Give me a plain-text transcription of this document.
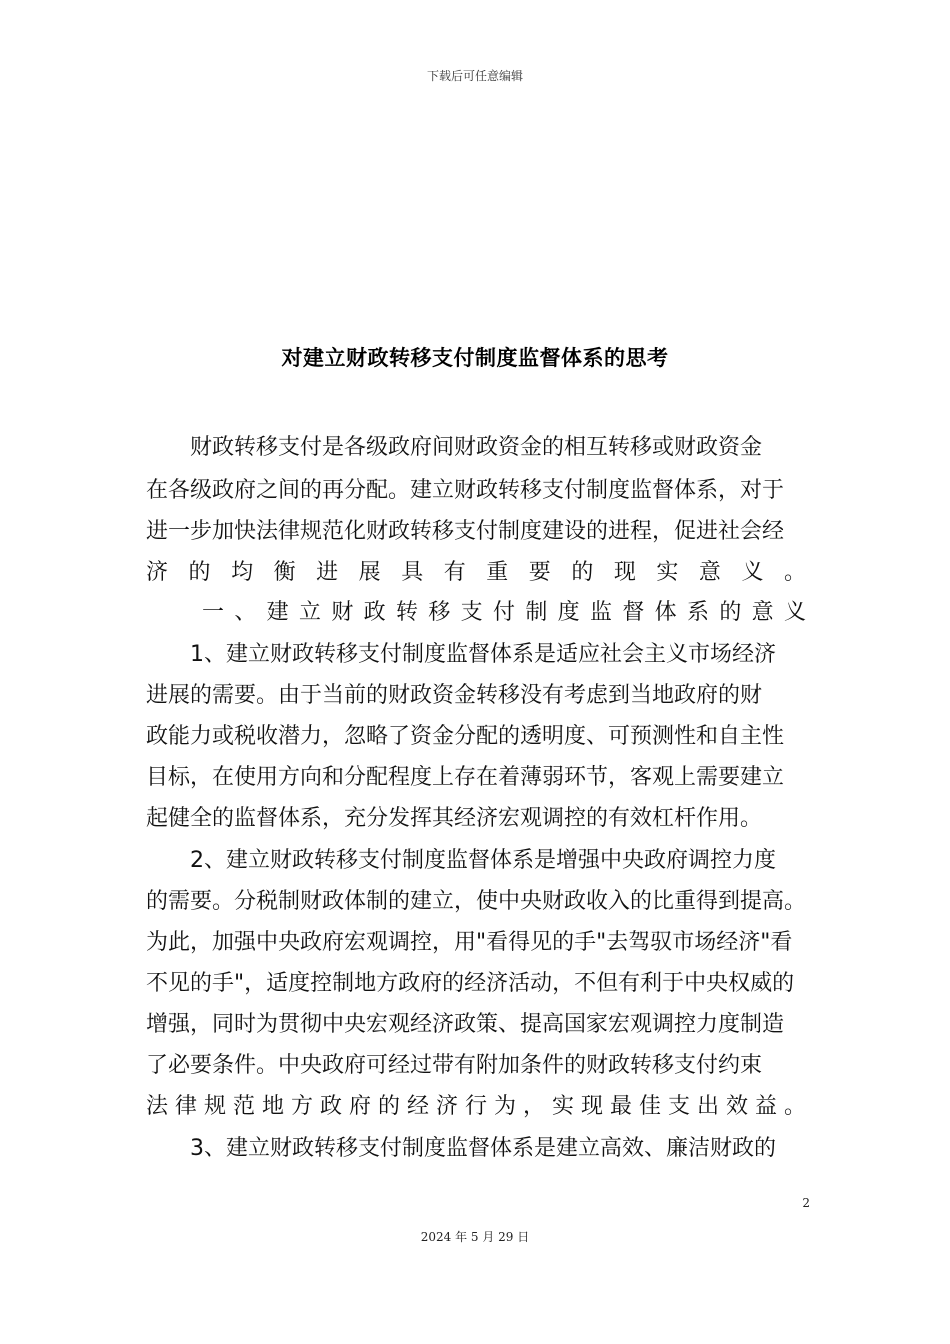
下载后可任意编辑
对建立财政转移支付制度监督体系的思考
财政转移支付是各级政府间财政资金的相互转移或财政资金
在各级政府之间的再分配。建立财政转移支付制度监督体系，对于
进一步加快法律规范化财政转移支付制度建设的进程，促进社会经
济的均衡进展具有重要的现实意义。
一、建立财政转移支付制度监督体系的意义
1、建立财政转移支付制度监督体系是适应社会主义市场经济
进展的需要。由于当前的财政资金转移没有考虑到当地政府的财
政能力或税收潜力，忽略了资金分配的透明度、可预测性和自主性
目标，在使用方向和分配程度上存在着薄弱环节，客观上需要建立
起健全的监督体系，充分发挥其经济宏观调控的有效杠杆作用。
2、建立财政转移支付制度监督体系是增强中央政府调控力度
的需要。分税制财政体制的建立，使中央财政收入的比重得到提高。
为此，加强中央政府宏观调控，用"看得见的手"去驾驭市场经济"看
不见的手"，适度控制地方政府的经济活动，不但有利于中央权威的
增强，同时为贯彻中央宏观经济政策、提高国家宏观调控力度制造
了必要条件。中央政府可经过带有附加条件的财政转移支付约束
法律规范地方政府的经济行为，实现最佳支出效益。
3、建立财政转移支付制度监督体系是建立高效、廉洁财政的
2
2024 年 5 月 29 日
